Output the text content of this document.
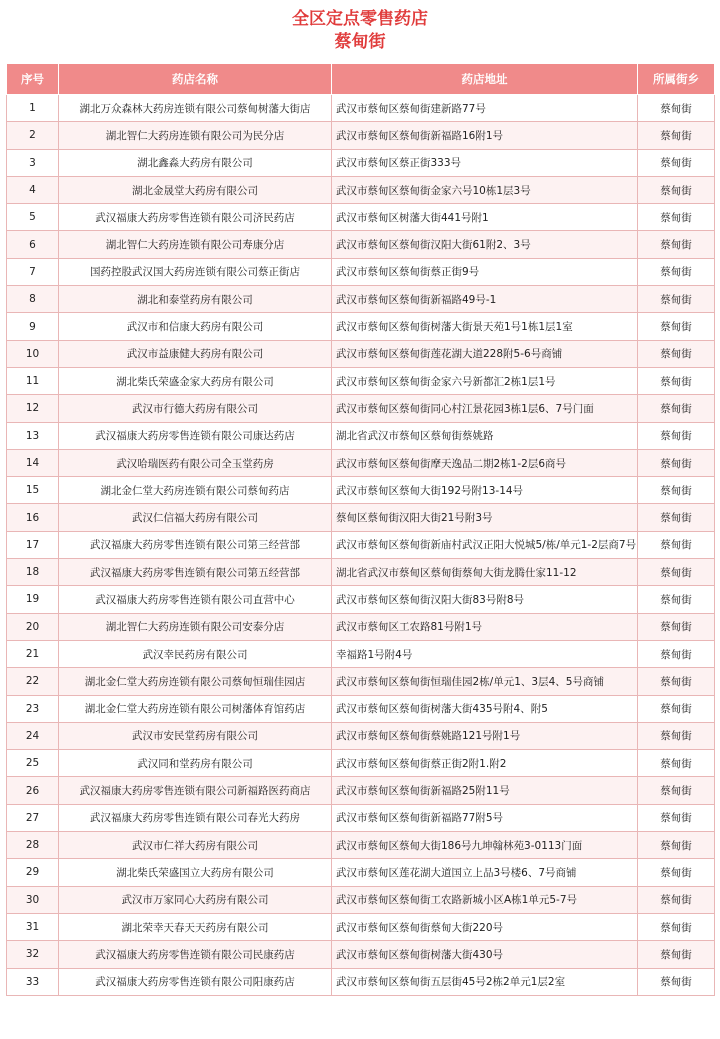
全区定点零售药店
蔡甸街
序号	药店名称	药店地址	所属街乡
1	湖北万众森林大药房连锁有限公司蔡甸树藩大街店	武汉市蔡甸区蔡甸街建新路77号	蔡甸街
2	湖北智仁大药房连锁有限公司为民分店	武汉市蔡甸区蔡甸街新福路16附1号	蔡甸街
3	湖北鑫淼大药房有限公司	武汉市蔡甸区蔡正街333号	蔡甸街
4	湖北金晟堂大药房有限公司	武汉市蔡甸区蔡甸街金家六号10栋1层3号	蔡甸街
5	武汉福康大药房零售连锁有限公司济民药店	武汉市蔡甸区树藩大街441号附1	蔡甸街
6	湖北智仁大药房连锁有限公司寿康分店	武汉市蔡甸区蔡甸街汉阳大街61附2、3号	蔡甸街
7	国药控股武汉国大药房连锁有限公司蔡正街店	武汉市蔡甸区蔡甸街蔡正街9号	蔡甸街
8	湖北和泰堂药房有限公司	武汉市蔡甸区蔡甸街新福路49号-1	蔡甸街
9	武汉市和信康大药房有限公司	武汉市蔡甸区蔡甸街树藩大街景天苑1号1栋1层1室	蔡甸街
10	武汉市益康健大药房有限公司	武汉市蔡甸区蔡甸街莲花湖大道228附5-6号商铺	蔡甸街
11	湖北柴氏荣盛金家大药房有限公司	武汉市蔡甸区蔡甸街金家六号新都汇2栋1层1号	蔡甸街
12	武汉市行德大药房有限公司	武汉市蔡甸区蔡甸街同心村江景花园3栋1层6、7号门面	蔡甸街
13	武汉福康大药房零售连锁有限公司康达药店	湖北省武汉市蔡甸区蔡甸街蔡姚路	蔡甸街
14	武汉哈瑞医药有限公司全玉堂药房	武汉市蔡甸区蔡甸街摩天逸品二期2栋1-2层6商号	蔡甸街
15	湖北金仁堂大药房连锁有限公司蔡甸药店	武汉市蔡甸区蔡甸大街192号附13-14号	蔡甸街
16	武汉仁信福大药房有限公司	蔡甸区蔡甸街汉阳大街21号附3号	蔡甸街
17	武汉福康大药房零售连锁有限公司第三经营部	武汉市蔡甸区蔡甸街新庙村武汉正阳大悦城5/栋/单元1-2层商7号	蔡甸街
18	武汉福康大药房零售连锁有限公司第五经营部	湖北省武汉市蔡甸区蔡甸街蔡甸大街龙腾仕家11-12	蔡甸街
19	武汉福康大药房零售连锁有限公司直营中心	武汉市蔡甸区蔡甸街汉阳大街83号附8号	蔡甸街
20	湖北智仁大药房连锁有限公司安泰分店	武汉市蔡甸区工农路81号附1号	蔡甸街
21	武汉幸民药房有限公司	幸福路1号附4号	蔡甸街
22	湖北金仁堂大药房连锁有限公司蔡甸恒瑞佳园店	武汉市蔡甸区蔡甸街恒瑞佳园2栋/单元1、3层4、5号商铺	蔡甸街
23	湖北金仁堂大药房连锁有限公司树藩体育馆药店	武汉市蔡甸区蔡甸街树藩大街435号附4、附5	蔡甸街
24	武汉市安民堂药房有限公司	武汉市蔡甸区蔡甸街蔡姚路121号附1号	蔡甸街
25	武汉同和堂药房有限公司	武汉市蔡甸区蔡甸街蔡正街2附1.附2	蔡甸街
26	武汉福康大药房零售连锁有限公司新福路医药商店	武汉市蔡甸区蔡甸街新福路25附11号	蔡甸街
27	武汉福康大药房零售连锁有限公司春光大药房	武汉市蔡甸区蔡甸街新福路77附5号	蔡甸街
28	武汉市仁祥大药房有限公司	武汉市蔡甸区蔡甸大街186号九坤翰林苑3-0113门面	蔡甸街
29	湖北柴氏荣盛国立大药房有限公司	武汉市蔡甸区莲花湖大道国立上品3号楼6、7号商铺	蔡甸街
30	武汉市万家同心大药房有限公司	武汉市蔡甸区蔡甸街工农路新城小区A栋1单元5-7号	蔡甸街
31	湖北荣幸天春天天药房有限公司	武汉市蔡甸区蔡甸街蔡甸大街220号	蔡甸街
32	武汉福康大药房零售连锁有限公司民康药店	武汉市蔡甸区蔡甸街树藩大街430号	蔡甸街
33	武汉福康大药房零售连锁有限公司阳康药店	武汉市蔡甸区蔡甸街五层街45号2栋2单元1层2室	蔡甸街
